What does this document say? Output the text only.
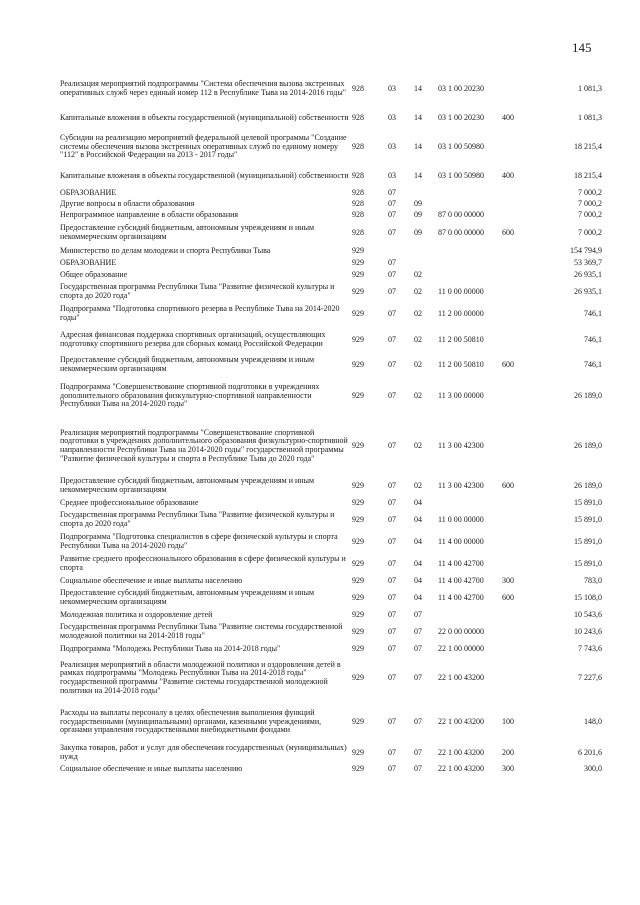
145
Реализация мероприятий подпрограммы "Система обеспечения вызова экстренных оперативных служб через единый номер 112 в Республике Тыва на 2014-2016 годы"	928	03	14	03 1 00 20230		1 081,3
Капитальные вложения в объекты государственной (муниципальной) собственности	928	03	14	03 1 00 20230	400	1 081,3
Субсидии на реализацию мероприятий федеральной целевой программы "Создание системы обеспечения вызова экстренных оперативных служб по единому номеру "112" в Российской Федерации на 2013 - 2017 годы"	928	03	14	03 1 00 50980		18 215,4
Капитальные вложения в объекты государственной (муниципальной) собственности	928	03	14	03 1 00 50980	400	18 215,4
ОБРАЗОВАНИЕ	928	07				7 000,2
Другие вопросы в области образования	928	07	09			7 000,2
Непрограммное направление в области образования	928	07	09	87 0 00 00000		7 000,2
Предоставление субсидий бюджетным, автономным учреждениям и иным некоммерческим организациям	928	07	09	87 0 00 00000	600	7 000,2
Министерство по делам молодежи и спорта Республики Тыва	929					154 794,9
ОБРАЗОВАНИЕ	929	07				53 369,7
Общее образование	929	07	02			26 935,1
Государственная программа Республики Тыва "Развитие физической культуры и спорта до 2020 года"	929	07	02	11 0 00 00000		26 935,1
Подпрограмма "Подготовка спортивного резерва в Республике Тыва на 2014-2020 годы"	929	07	02	11 2 00 00000		746,1
Адресная финансовая поддержка спортивных организаций, осуществляющих подготовку спортивного резерва для сборных команд Российской Федерации	929	07	02	11 2 00 50810		746,1
Предоставление субсидий бюджетным, автономным учреждениям и иным некоммерческим организациям	929	07	02	11 2 00 50810	600	746,1
Подпрограмма "Совершенствование спортивной подготовки в учреждениях дополнительного образования физкультурно-спортивной направленности Республики Тыва на 2014-2020 годы"	929	07	02	11 3 00 00000		26 189,0
Реализация мероприятий подпрограммы "Совершенствование спортивной подготовки в учреждениях дополнительного образования физкультурно-спортивной направленности Республики Тыва на 2014-2020 годы" государственной программы "Развитие физической культуры и спорта в Республике Тыва до 2020 года"	929	07	02	11 3 00 42300		26 189,0
Предоставление субсидий бюджетным, автономным учреждениям и иным некоммерческим организациям	929	07	02	11 3 00 42300	600	26 189,0
Среднее профессиональное образование	929	07	04			15 891,0
Государственная программа Республики Тыва "Развитие физической культуры и спорта до 2020 года"	929	07	04	11 0 00 00000		15 891,0
Подпрограмма "Подготовка специалистов в сфере физической культуры и спорта Республики Тыва на 2014-2020 годы"	929	07	04	11 4 00 00000		15 891,0
Развитие среднего профессионального образования в сфере физической культуры и спорта	929	07	04	11 4 00 42700		15 891,0
Социальное обеспечение и иные выплаты населению	929	07	04	11 4 00 42700	300	783,0
Предоставление субсидий бюджетным, автономным учреждениям и иным некоммерческим организациям	929	07	04	11 4 00 42700	600	15 108,0
Молодежная политика и оздоровление детей	929	07	07			10 543,6
Государственная программа Республики Тыва "Развитие системы государственной молодежной политики на 2014-2018 годы"	929	07	07	22 0 00 00000		10 243,6
Подпрограмма "Молодежь Республики Тыва на 2014-2018 годы"	929	07	07	22 1 00 00000		7 743,6
Реализация мероприятий в области молодежной политики и оздоровления детей в рамках подпрограммы "Молодежь Республики Тыва на 2014-2018 годы" государственной программы "Развитие системы государственной молодежной политики на 2014-2018 годы"	929	07	07	22 1 00 43200		7 227,6
Расходы на выплаты персоналу в целях обеспечения выполнения функций государственными (муниципальными) органами, казенными учреждениями, органами управления государственными внебюджетными фондами	929	07	07	22 1 00 43200	100	148,0
Закупка товаров, работ и услуг для обеспечения государственных (муниципальных) нужд	929	07	07	22 1 00 43200	200	6 201,6
Социальное обеспечение и иные выплаты населению	929	07	07	22 1 00 43200	300	300,0
